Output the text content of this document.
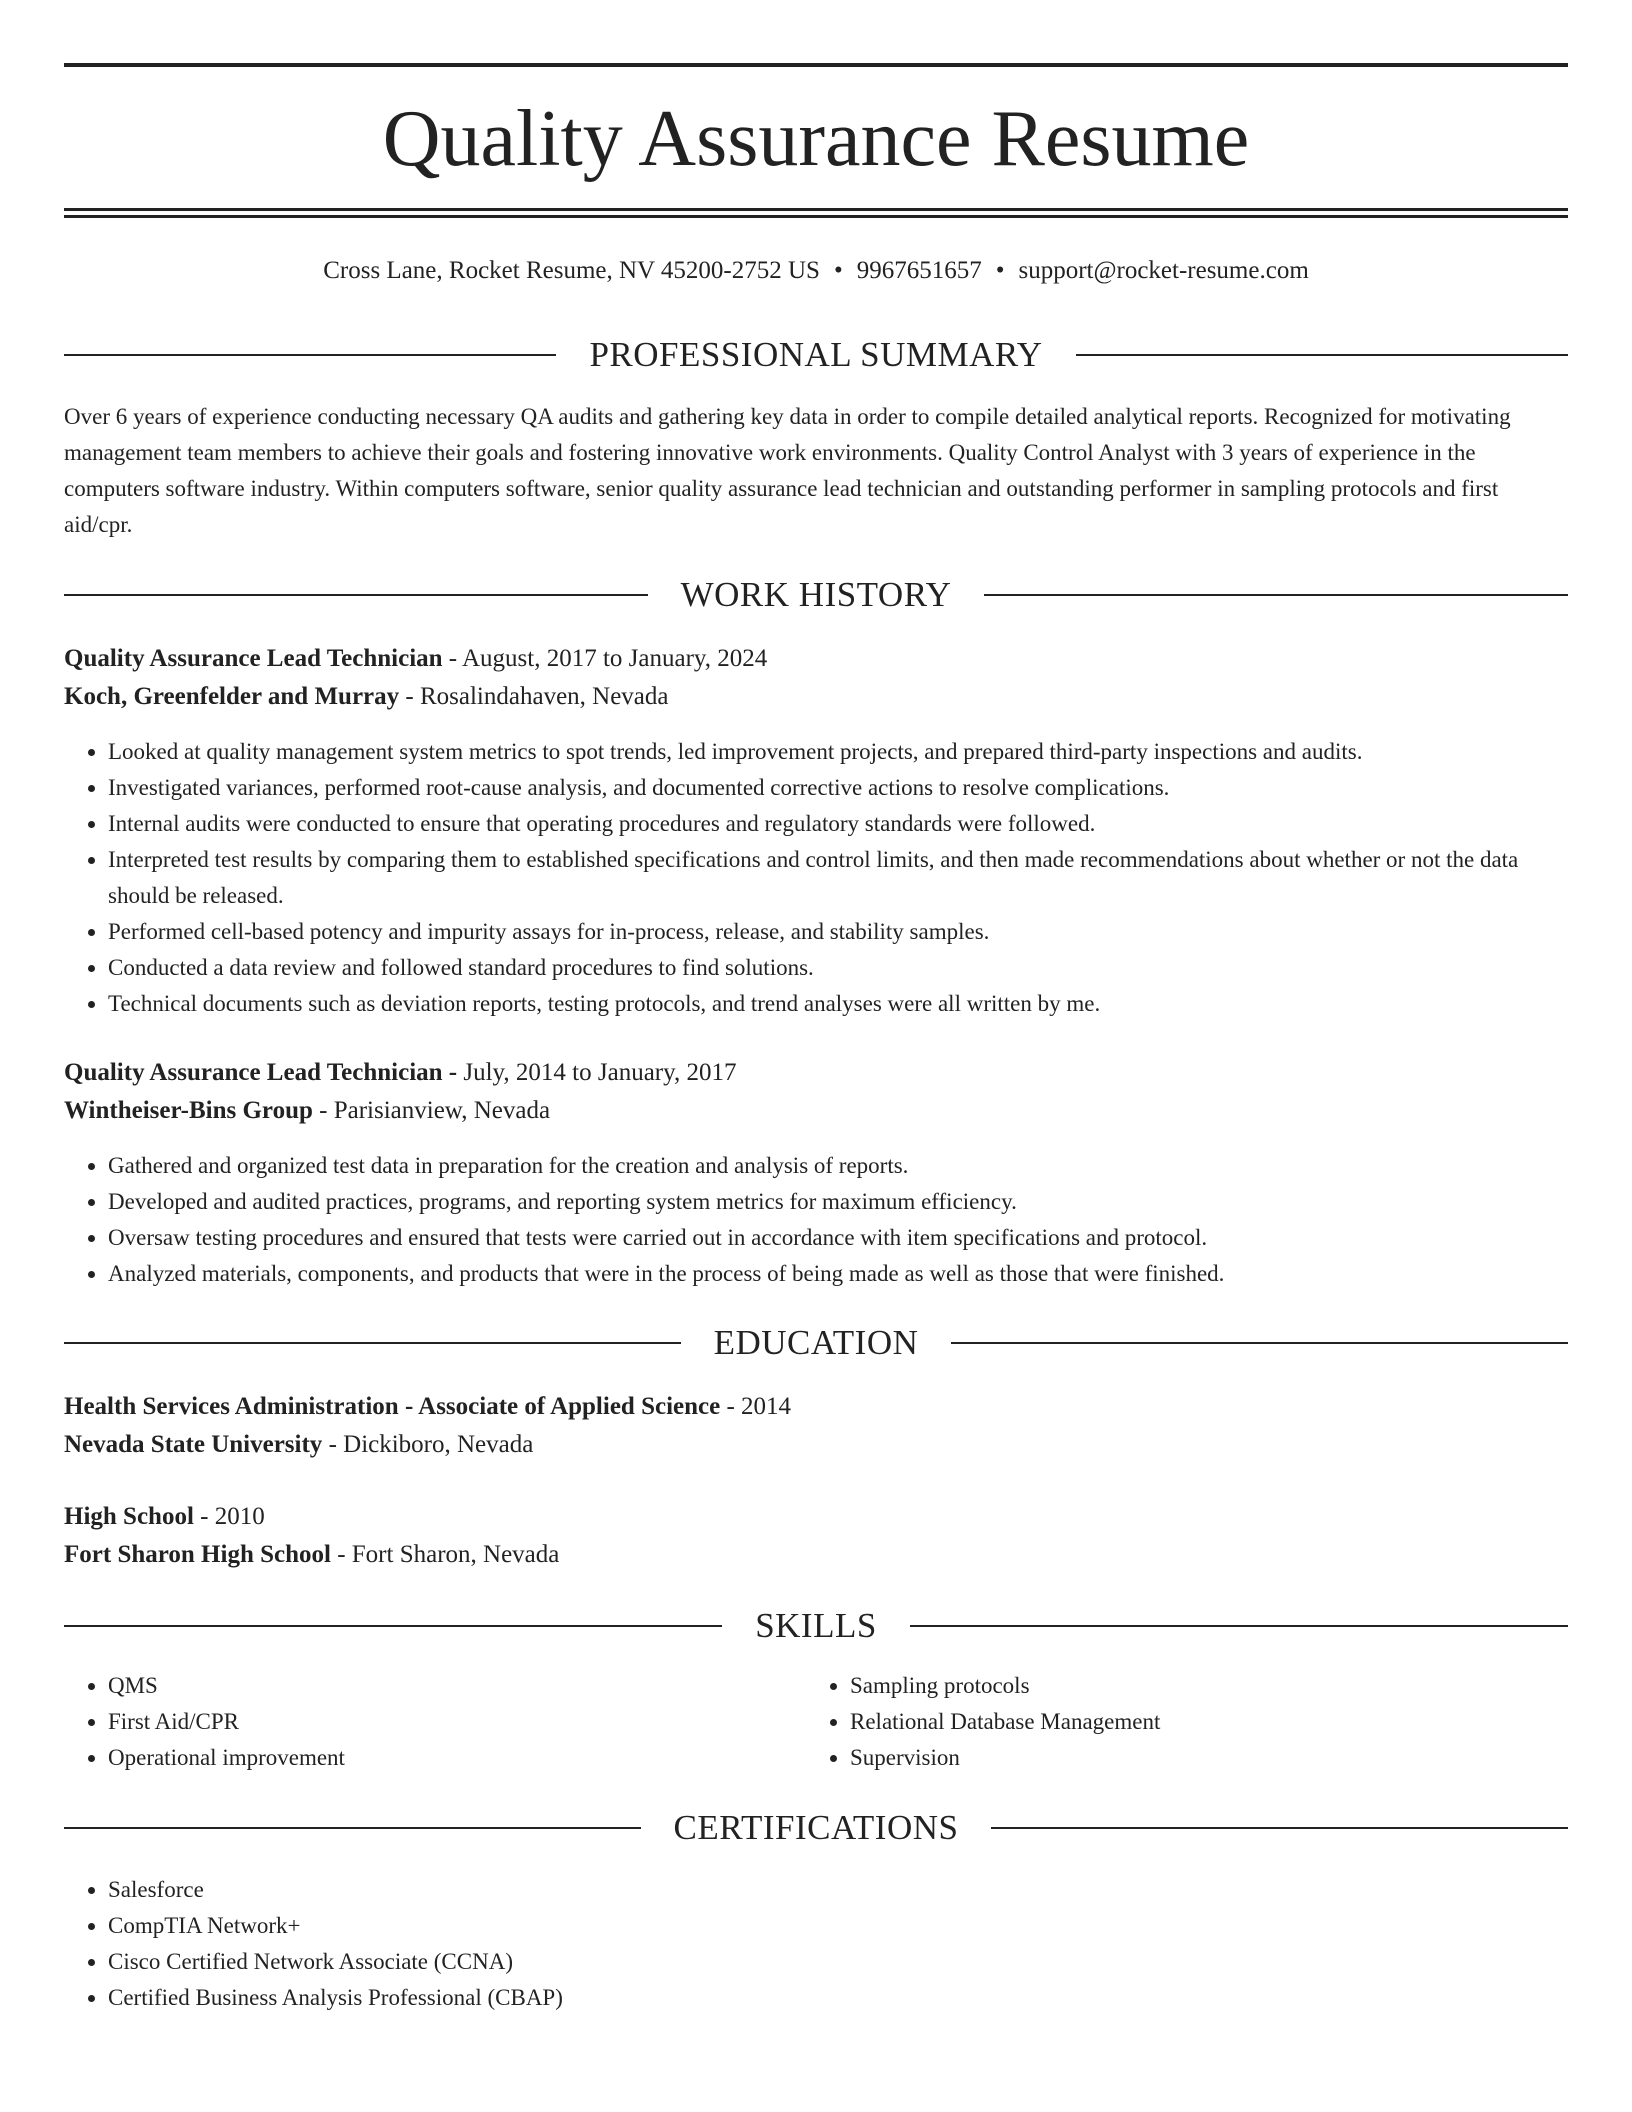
Quality Assurance Resume
Cross Lane, Rocket Resume, NV 45200-2752 US • 9967651657 • support@rocket-resume.com
PROFESSIONAL SUMMARY
Over 6 years of experience conducting necessary QA audits and gathering key data in order to compile detailed analytical reports. Recognized for motivating management team members to achieve their goals and fostering innovative work environments. Quality Control Analyst with 3 years of experience in the computers software industry. Within computers software, senior quality assurance lead technician and outstanding performer in sampling protocols and first aid/cpr.
WORK HISTORY
Quality Assurance Lead Technician - August, 2017 to January, 2024
Koch, Greenfelder and Murray - Rosalindahaven, Nevada
• Looked at quality management system metrics to spot trends, led improvement projects, and prepared third-party inspections and audits.
• Investigated variances, performed root-cause analysis, and documented corrective actions to resolve complications.
• Internal audits were conducted to ensure that operating procedures and regulatory standards were followed.
• Interpreted test results by comparing them to established specifications and control limits, and then made recommendations about whether or not the data should be released.
• Performed cell-based potency and impurity assays for in-process, release, and stability samples.
• Conducted a data review and followed standard procedures to find solutions.
• Technical documents such as deviation reports, testing protocols, and trend analyses were all written by me.
Quality Assurance Lead Technician - July, 2014 to January, 2017
Wintheiser-Bins Group - Parisianview, Nevada
• Gathered and organized test data in preparation for the creation and analysis of reports.
• Developed and audited practices, programs, and reporting system metrics for maximum efficiency.
• Oversaw testing procedures and ensured that tests were carried out in accordance with item specifications and protocol.
• Analyzed materials, components, and products that were in the process of being made as well as those that were finished.
EDUCATION
Health Services Administration - Associate of Applied Science - 2014
Nevada State University - Dickiboro, Nevada
High School - 2010
Fort Sharon High School - Fort Sharon, Nevada
SKILLS
• QMS
• First Aid/CPR
• Operational improvement
• Sampling protocols
• Relational Database Management
• Supervision
CERTIFICATIONS
• Salesforce
• CompTIA Network+
• Cisco Certified Network Associate (CCNA)
• Certified Business Analysis Professional (CBAP)
